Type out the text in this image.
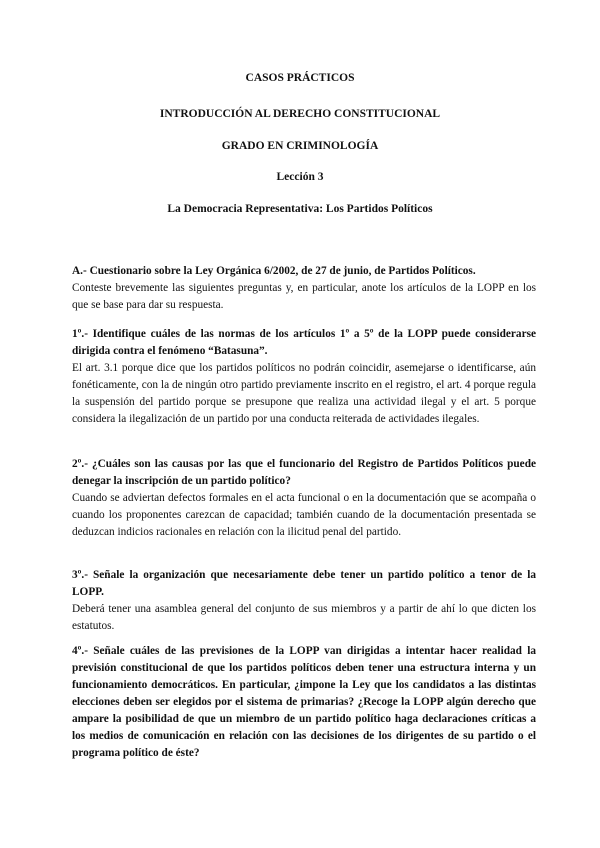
CASOS PRÁCTICOS
INTRODUCCIÓN AL DERECHO CONSTITUCIONAL
GRADO EN CRIMINOLOGÍA
Lección 3
La Democracia Representativa: Los Partidos Políticos

A.- Cuestionario sobre la Ley Orgánica 6/2002, de 27 de junio, de Partidos Políticos.

Conteste brevemente las siguientes preguntas y, en particular, anote los artículos de la LOPP en los que se base para dar su respuesta.

1º.- Identifique cuáles de las normas de los artículos 1º a 5º de la LOPP puede considerarse dirigida contra el fenómeno “Batasuna”.

El art. 3.1 porque dice que los partidos políticos no podrán coincidir, asemejarse o identificarse, aún fonéticamente, con la de ningún otro partido previamente inscrito en el registro, el art. 4 porque regula la suspensión del partido porque se presupone que realiza una actividad ilegal y el art. 5 porque considera la ilegalización de un partido por una conducta reiterada de actividades ilegales.

2º.- ¿Cuáles son las causas por las que el funcionario del Registro de Partidos Políticos puede denegar la inscripción de un partido político?

Cuando se adviertan defectos formales en el acta funcional o en la documentación que se acompaña o cuando los proponentes carezcan de capacidad; también cuando de la documentación presentada se deduzcan indicios racionales en relación con la ilicitud penal del partido.

3º.- Señale la organización que necesariamente debe tener un partido político a tenor de la LOPP.

Deberá tener una asamblea general del conjunto de sus miembros y a partir de ahí lo que dicten los estatutos.

4º.- Señale cuáles de las previsiones de la LOPP van dirigidas a intentar hacer realidad la previsión constitucional de que los partidos políticos deben tener una estructura interna y un funcionamiento democráticos. En particular, ¿impone la Ley que los candidatos a las distintas elecciones deben ser elegidos por el sistema de primarias? ¿Recoge la LOPP algún derecho que ampare la posibilidad de que un miembro de un partido político haga declaraciones críticas a los medios de comunicación en relación con las decisiones de los dirigentes de su partido o el programa político de éste?
